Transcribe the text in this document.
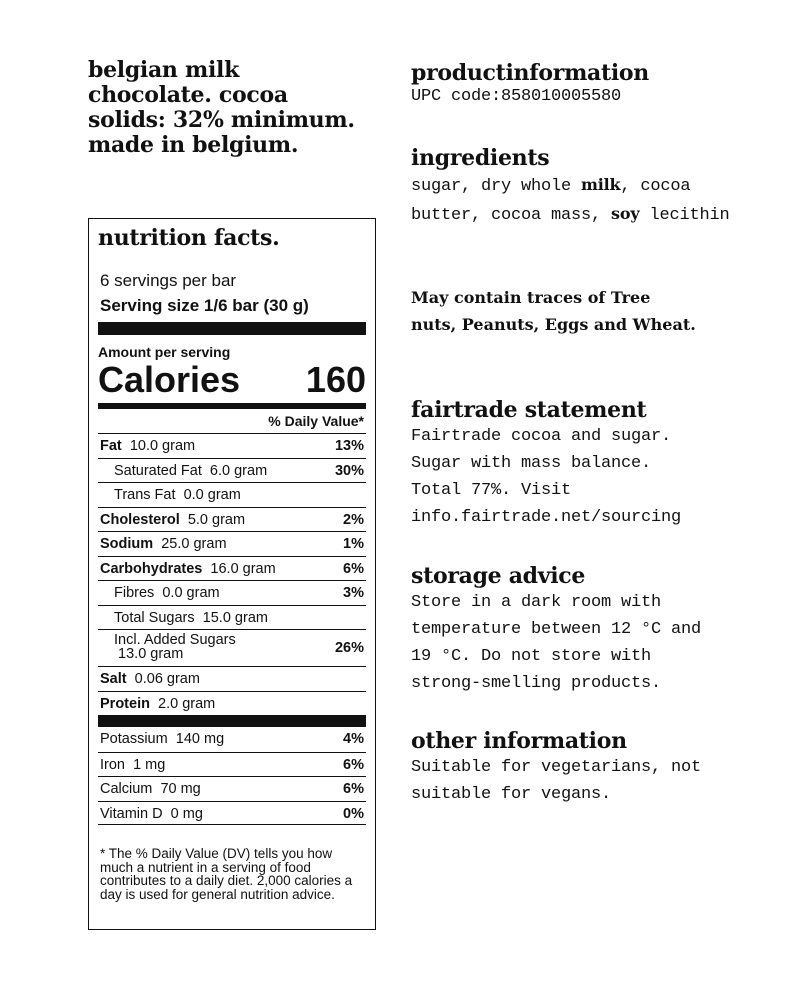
belgian milk chocolate. cocoa solids: 32% minimum. made in belgium.
nutrition facts.
6 servings per bar
Serving size 1/6 bar (30 g)
Amount per serving
Calories 160
% Daily Value*
Fat 10.0 gram	13%
Saturated Fat 6.0 gram	30%
Trans Fat 0.0 gram
Cholesterol 5.0 gram	2%
Sodium 25.0 gram	1%
Carbohydrates 16.0 gram	6%
Fibres 0.0 gram	3%
Total Sugars 15.0 gram
Incl. Added Sugars
13.0 gram	26%
Salt 0.06 gram
Protein 2.0 gram
Potassium 140 mg	4%
Iron 1 mg	6%
Calcium 70 mg	6%
Vitamin D 0 mg	0%
* The % Daily Value (DV) tells you how much a nutrient in a serving of food contributes to a daily diet. 2,000 calories a day is used for general nutrition advice.
productinformation
UPC code:858010005580
ingredients
sugar, dry whole milk, cocoa butter, cocoa mass, soy lecithin
May contain traces of Tree nuts, Peanuts, Eggs and Wheat.
fairtrade statement
Fairtrade cocoa and sugar. Sugar with mass balance. Total 77%. Visit info.fairtrade.net/sourcing
storage advice
Store in a dark room with temperature between 12 °C and 19 °C. Do not store with strong-smelling products.
other information
Suitable for vegetarians, not suitable for vegans.
